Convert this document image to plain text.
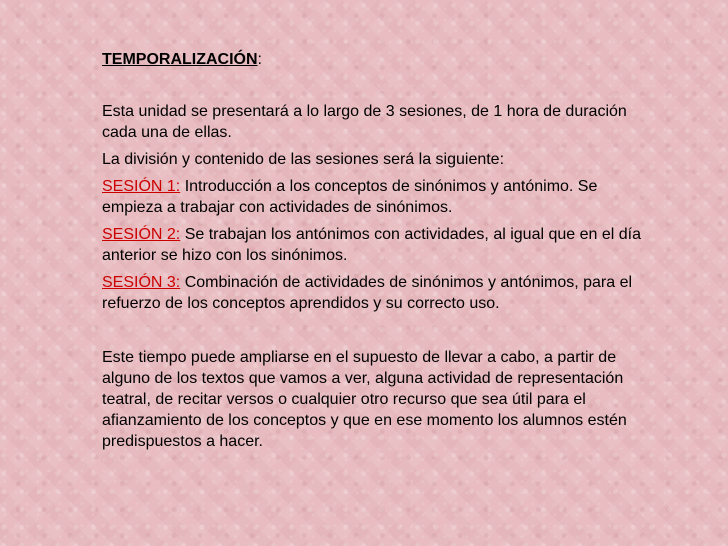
TEMPORALIZACIÓN:

Esta unidad se presentará a lo largo de 3 sesiones, de 1 hora de duración cada una de ellas.

La división y contenido de las sesiones será la siguiente:

SESIÓN 1: Introducción a los conceptos de sinónimos y antónimo. Se empieza a trabajar con actividades de sinónimos.

SESIÓN 2: Se trabajan los antónimos con actividades, al igual que en el día anterior se hizo con los sinónimos.

SESIÓN 3: Combinación de actividades de sinónimos y antónimos, para el refuerzo de los conceptos aprendidos y su correcto uso.

Este tiempo puede ampliarse en el supuesto de llevar a cabo, a partir de alguno de los textos que vamos a ver, alguna actividad de representación teatral, de recitar versos o cualquier otro recurso que sea útil para el afianzamiento de los conceptos y que en ese momento los alumnos estén predispuestos a hacer.
